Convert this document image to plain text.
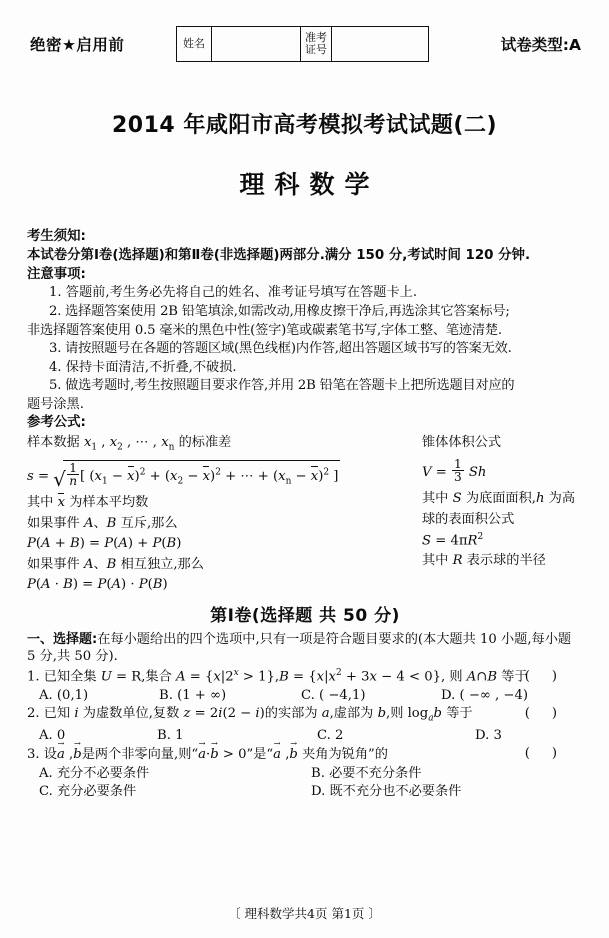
绝密★启用前	姓名		准考
证号
		试卷类型:A
2014 年咸阳市高考模拟考试试题(二)
理科数学
考生须知:
本试卷分第Ⅰ卷(选择题)和第Ⅱ卷(非选择题)两部分.满分 150 分,考试时间 120 分钟.
注意事项:
1. 答题前,考生务必先将自己的姓名、准考证号填写在答题卡上.
2. 选择题答案使用 2B 铅笔填涂,如需改动,用橡皮擦干净后,再选涂其它答案标号;
非选择题答案使用 0.5 毫米的黑色中性(签字)笔或碳素笔书写,字体工整、笔迹清楚.
3. 请按照题号在各题的答题区域(黑色线框)内作答,超出答题区域书写的答案无效.
4. 保持卡面清洁,不折叠,不破损.
5. 做选考题时,考生按照题目要求作答,并用 2B 铅笔在答题卡上把所选题目对应的
题号涂黑.
参考公式:
样本数据 $x_1$ , $x_2$ , ⋯ , $x_n$ 的标准差
s = √ $\frac{1}{n}$ [ $(x_1 - x)^2 + (x_2 - x)^2$ + ⋯ + $(x_n - x)^2$ ]
其中 x 为样本平均数
如果事件 A、B 互斥,那么
P(A + B) = P(A) + P(B)
如果事件 A、B 相互独立,那么
P(A · B) = P(A) · P(B)
锥体体积公式
$V = \frac{1}{3}$ Sh
其中 S 为底面面积,h 为高
球的表面积公式
$S = 4\pi R^2$
其中 R 表示球的半径
第Ⅰ卷(选择题 共 50 分)
一、选择题:在每小题给出的四个选项中,只有一项是符合题目要求的(本大题共 10 小题,每小题 5 分,共 50 分).
1. 已知全集 U = R,集合 $A = \{x|2^x > 1\},B = \{x|x^2 + 3x - 4 < 0\}$, 则 A∩B 等于
()
A. (0,1)	B. (1 + ∞)	C. ( −4,1)	D. ( −∞ , −4)
2. 已知 i 为虚数单位,复数 z = 2i(2 − i)的实部为 a,虚部为 b,则 $\log_ab$ 等于	()
A. 0	B. 1	C. 2	D. 3
3. 设a → ,b →是两个非零向量,则“a →·b → > 0”是“a → ,b → 夹角为锐角”的	()
A. 充分不必要条件	B. 必要不充分条件
C. 充分必要条件	D. 既不充分也不必要条件
〔 理科数学共4页 第1页 〕
